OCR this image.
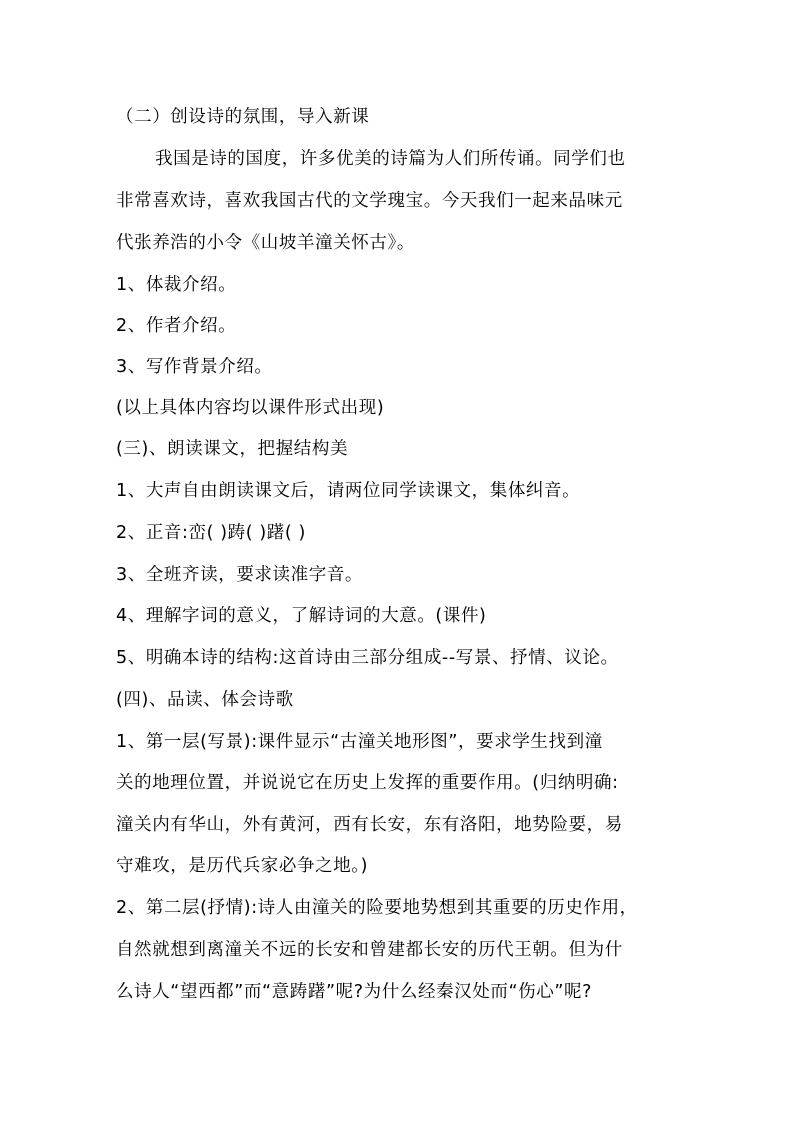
（二）创设诗的氛围，导入新课
我国是诗的国度，许多优美的诗篇为人们所传诵。同学们也
非常喜欢诗，喜欢我国古代的文学瑰宝。今天我们一起来品味元
代张养浩的小令《山坡羊潼关怀古》。
1、体裁介绍。
2、作者介绍。
3、写作背景介绍。
(以上具体内容均以课件形式出现)
(三)、朗读课文，把握结构美
1、大声自由朗读课文后，请两位同学读课文，集体纠音。
2、正音:峦( )踌( )躇( )
3、全班齐读，要求读准字音。
4、理解字词的意义，了解诗词的大意。(课件)
5、明确本诗的结构:这首诗由三部分组成--写景、抒情、议论。
(四)、品读、体会诗歌
1、第一层(写景):课件显示“古潼关地形图”，要求学生找到潼
关的地理位置，并说说它在历史上发挥的重要作用。(归纳明确:
潼关内有华山，外有黄河，西有长安，东有洛阳，地势险要，易
守难攻，是历代兵家必争之地。)
2、第二层(抒情):诗人由潼关的险要地势想到其重要的历史作用，
自然就想到离潼关不远的长安和曾建都长安的历代王朝。但为什
么诗人“望西都”而“意踌躇”呢?为什么经秦汉处而“伤心”呢?
